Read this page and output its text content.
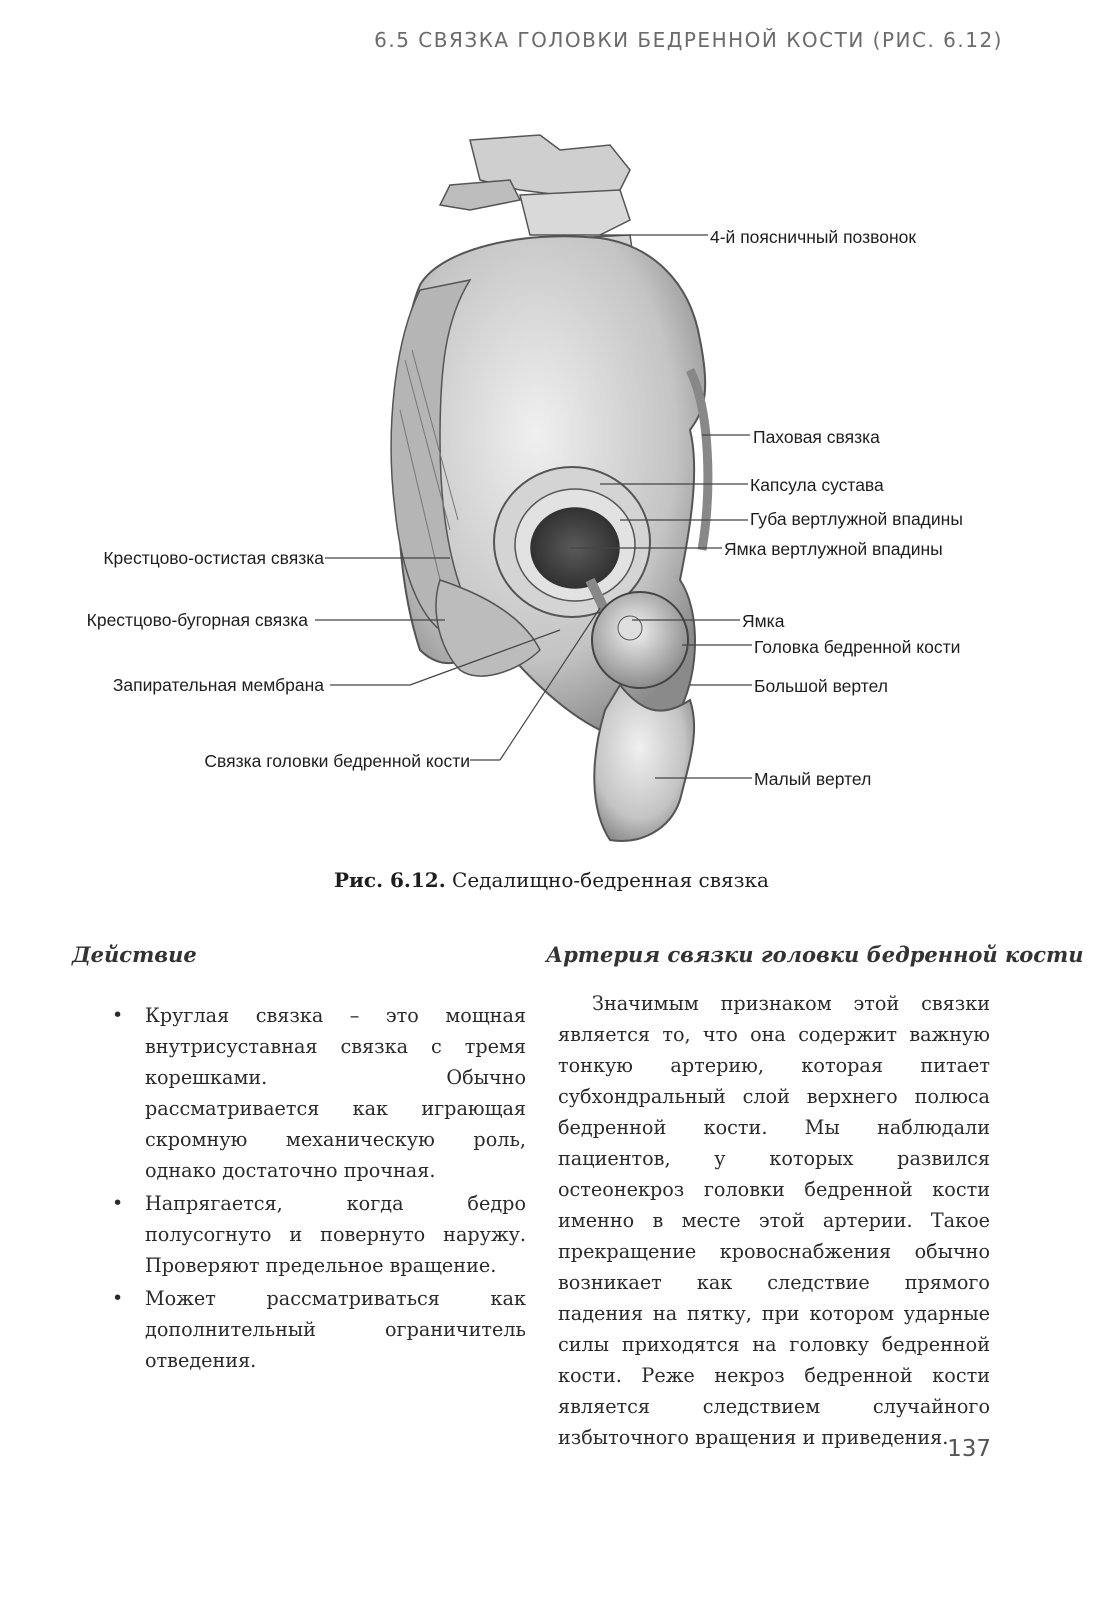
6.5 СВЯЗКА ГОЛОВКИ БЕДРЕННОЙ КОСТИ (РИС. 6.12)
4-й поясничный позвонок
Паховая связка
Капсула сустава
Губа вертлужной впадины
Ямка вертлужной впадины
Ямка
Головка бедренной кости
Большой вертел
Малый вертел
Крестцово-остистая связка
Крестцово-бугорная связка
Запирательная мембрана
Связка головки бедренной кости
Рис. 6.12. Седалищно-бедренная связка
Действие	Артерия связки головки бедренной кости
• Круглая связка – это мощная внутрисуставная связка с тремя корешками. Обычно рассматривается как играющая скромную механическую роль, однако достаточно прочная.
• Напрягается, когда бедро полусогнуто и повернуто наружу. Проверяют предельное вращение.
• Может рассматриваться как дополнительный ограничитель отведения.
Значимым признаком этой связки является то, что она содержит важную тонкую артерию, которая питает субхондральный слой верхнего полюса бедренной кости. Мы наблюдали пациентов, у которых развился остеонекроз головки бедренной кости именно в месте этой артерии. Такое прекращение кровоснабжения обычно возникает как следствие прямого падения на пятку, при котором ударные силы приходятся на головку бедренной кости. Реже некроз бедренной кости является следствием случайного избыточного вращения и приведения.
137
